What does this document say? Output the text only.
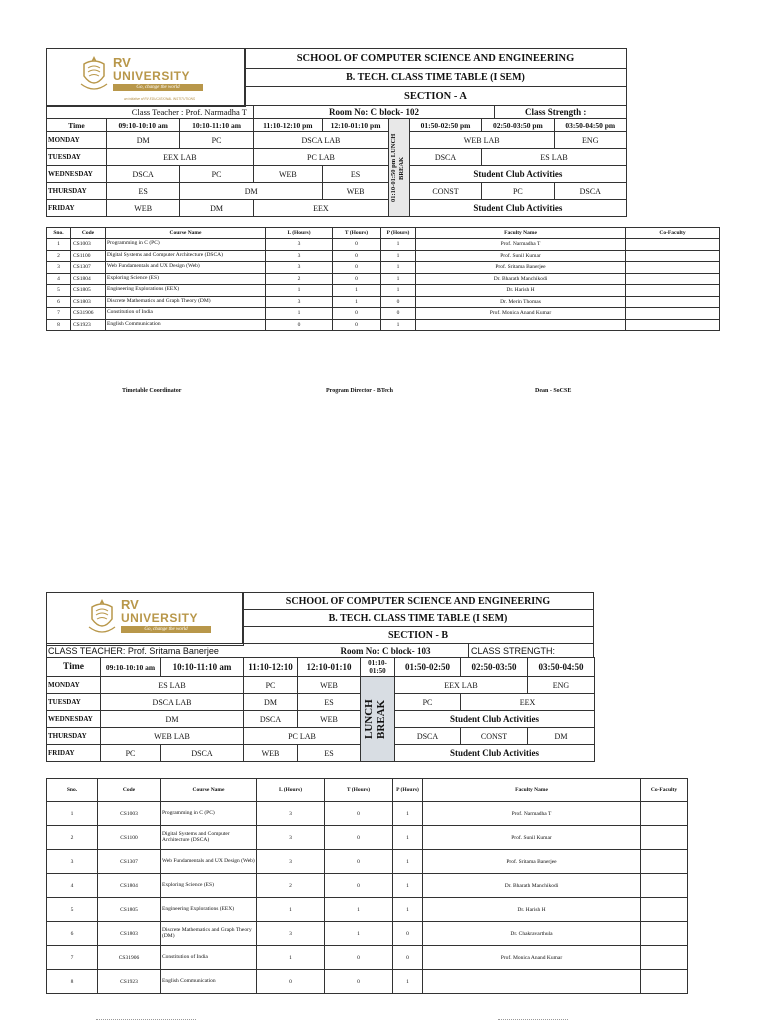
RV
UNIVERSITY
Go, change the world
an initiative of RV EDUCATIONAL INSTITUTIONS
SCHOOL OF COMPUTER SCIENCE AND ENGINEERING
B. TECH. CLASS TIME TABLE (I SEM)
SECTION - A
Class Teacher : Prof. Narmadha T	Room No: C block- 102	Class Strength :
Time	09:10-10:10 am	10:10-11:10 am	11:10-12:10 pm	12:10-01:10 pm	01:10-01:50 pm LUNCH BREAK	01:50-02:50 pm	02:50-03:50 pm	03:50-04:50 pm
MONDAY	DM	PC	DSCA LAB			WEB LAB		ENG
TUESDAY	EEX LAB		PC LAB			DSCA	ES LAB	
WEDNESDAY	DSCA	PC	WEB	ES		Student Club Activities		
THURSDAY	ES	DM		WEB		CONST	PC	DSCA
FRIDAY	WEB	DM	EEX			Student Club Activities		
Sno.	Code	Course Name	L (Hours)	T (Hours)	P (Hours)	Faculty Name	Co-Faculty
1	CS1003	Programming in C (PC)	3	0	1	Prof. Narmadha T	
2	CS1100	Digital Systems and Computer Architecture (DSCA)	3	0	1	Prof. Sunil Kumar	
3	CS1307	Web Fundamentals and UX Design (Web)	3	0	1	Prof. Sritama Banerjee	
4	CS1804	Exploring Science (ES)	2	0	1	Dr. Bharath Manchikodi	
5	CS1805	Engineering Explorations (EEX)	1	1	1	Dr. Harish H	
6	CS1803	Discrete Mathematics and Graph Theory (DM)	3	1	0	Dr. Merin Thomas	
7	CS31906	Constitution of India	1	0	0	Prof. Monica Anand Kumar	
8	CS1923	English Communication	0	0	1		
Timetable Coordinator	Program Director - BTech	Dean - SoCSE
RV
UNIVERSITY
Go, change the world
SCHOOL OF COMPUTER SCIENCE AND ENGINEERING
B. TECH. CLASS TIME TABLE (I SEM)
SECTION - B
CLASS TEACHER: Prof. Sritama Banerjee	Room No: C block- 103	CLASS STRENGTH:
Time	09:10-10:10 am	10:10-11:10 am	11:10-12:10	12:10-01:10	01:10-01:50	01:50-02:50	02:50-03:50	03:50-04:50
MONDAY	ES LAB		PC	WEB	LUNCH BREAK	EEX LAB		ENG
TUESDAY	DSCA LAB		DM	ES		PC	EEX	
WEDNESDAY	DM		DSCA	WEB		Student Club Activities		
THURSDAY	WEB LAB		PC LAB			DSCA	CONST	DM
FRIDAY	PC	DSCA	WEB	ES		Student Club Activities		
Sno.	Code	Course Name	L (Hours)	T (Hours)	P (Hours)	Faculty Name	Co-Faculty
1	CS1003	Programming in C (PC)	3	0	1	Prof. Narmadha T	
2	CS1100	Digital Systems and Computer Architecture (DSCA)	3	0	1	Prof. Sunil Kumar	
3	CS1307	Web Fundamentals and UX Design (Web)	3	0	1	Prof. Sritama Banerjee	
4	CS1804	Exploring Science (ES)	2	0	1	Dr. Bharath Manchikodi	
5	CS1805	Engineering Explorations (EEX)	1	1	1	Dr. Harish H	
6	CS1803	Discrete Mathematics and Graph Theory (DM)	3	1	0	Dr. Chakravarthula	
7	CS31906	Constitution of India	1	0	0	Prof. Monica Anand Kumar	
8	CS1923	English Communication	0	0	1		
